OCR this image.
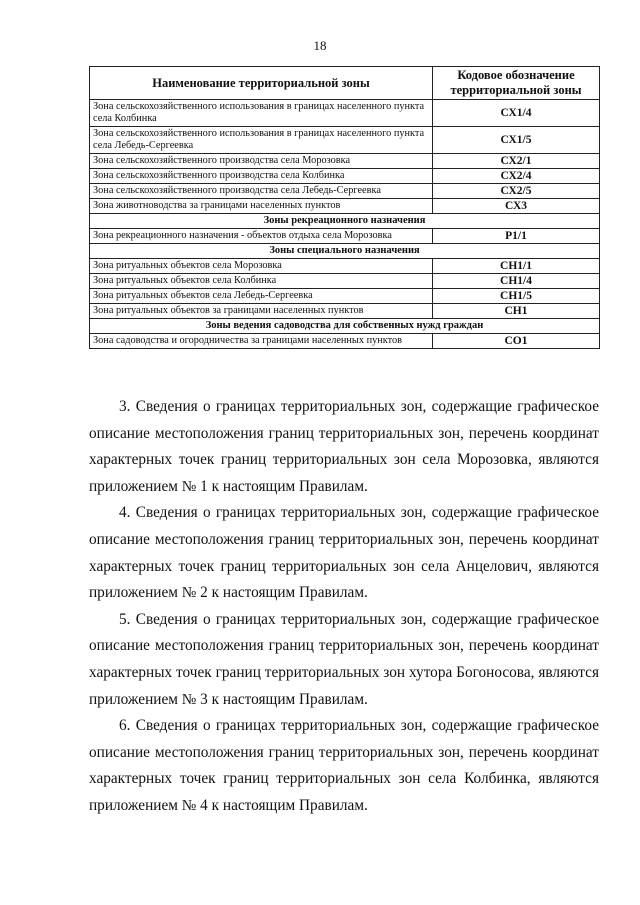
18
Наименование территориальной зоны	Кодовое обозначение
территориальной зоны
Зона сельскохозяйственного использования в границах населенного пункта села Колбинка	СХ1/4
Зона сельскохозяйственного использования в границах населенного пункта села Лебедь-Сергеевка	СХ1/5
Зона сельскохозяйственного производства села Морозовка	СХ2/1
Зона сельскохозяйственного производства села Колбинка	СХ2/4
Зона сельскохозяйственного производства села Лебедь-Сергеевка	СХ2/5
Зона животноводства за границами населенных пунктов	СХ3
Зоны рекреационного назначения	
Зона рекреационного назначения - объектов отдыха села Морозовка	Р1/1
Зоны специального назначения	
Зона ритуальных объектов села Морозовка	СН1/1
Зона ритуальных объектов села Колбинка	СН1/4
Зона ритуальных объектов села Лебедь-Сергеевка	СН1/5
Зона ритуальных объектов за границами населенных пунктов	СН1
Зоны ведения садоводства для собственных нужд граждан	
Зона садоводства и огородничества за границами населенных пунктов	СО1

3. Сведения о границах территориальных зон, содержащие графическое описание местоположения границ территориальных зон, перечень координат характерных точек границ территориальных зон села Морозовка, являются приложением № 1 к настоящим Правилам.

4. Сведения о границах территориальных зон, содержащие графическое описание местоположения границ территориальных зон, перечень координат характерных точек границ территориальных зон села Анцелович, являются приложением № 2 к настоящим Правилам.

5. Сведения о границах территориальных зон, содержащие графическое описание местоположения границ территориальных зон, перечень координат характерных точек границ территориальных зон хутора Богоносова, являются приложением № 3 к настоящим Правилам.

6. Сведения о границах территориальных зон, содержащие графическое описание местоположения границ территориальных зон, перечень координат характерных точек границ территориальных зон села Колбинка, являются приложением № 4 к настоящим Правилам.
